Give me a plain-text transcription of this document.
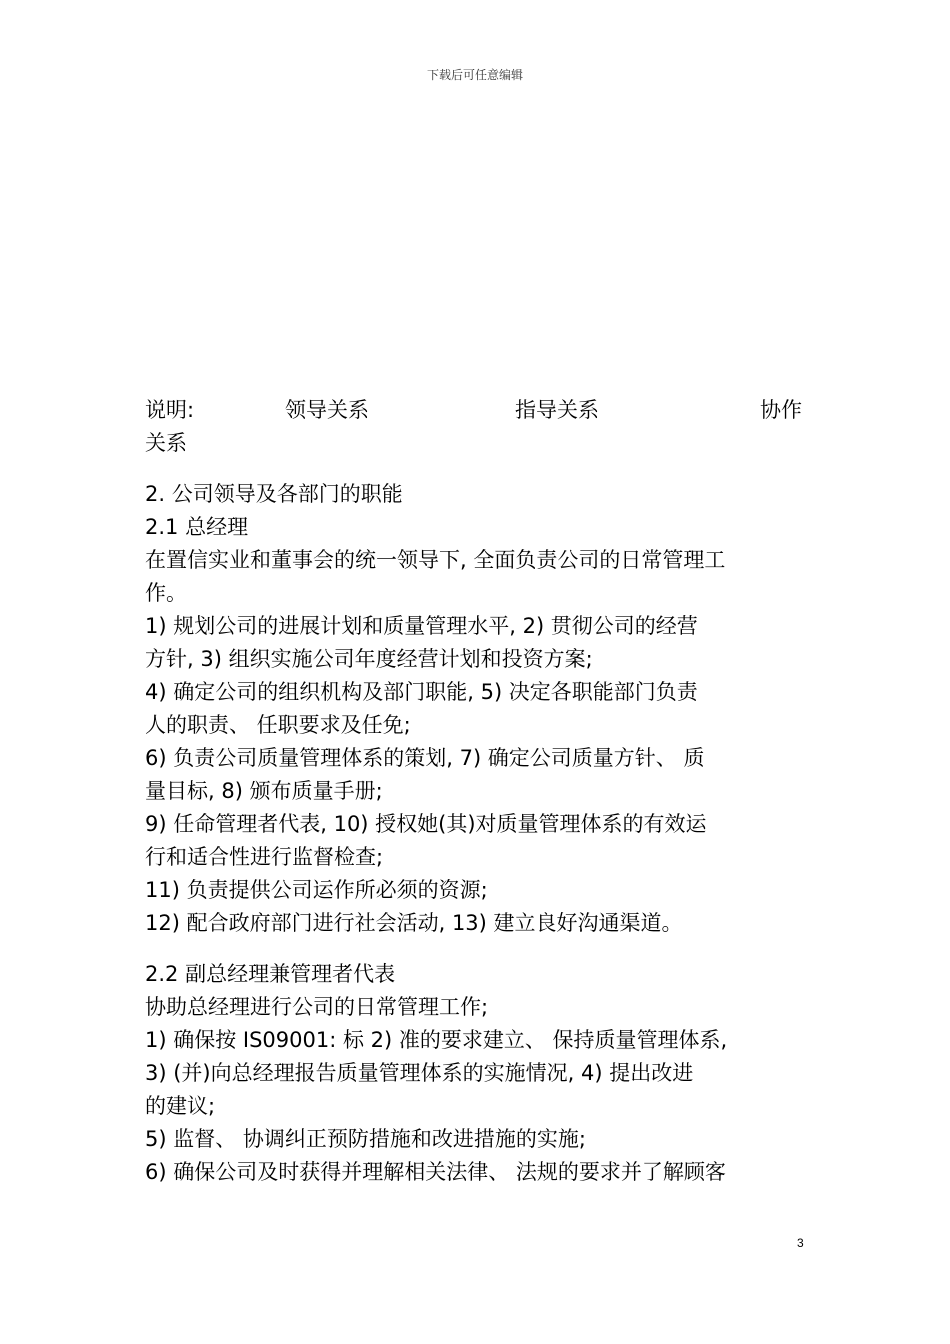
下载后可任意编辑
说明:	领导关系	指导关系	协作
关系
2. 公司领导及各部门的职能
2.1 总经理
在置信实业和董事会的统一领导下, 全面负责公司的日常管理工
作。
1) 规划公司的进展计划和质量管理水平, 2) 贯彻公司的经营
方针, 3) 组织实施公司年度经营计划和投资方案;
4) 确定公司的组织机构及部门职能, 5) 决定各职能部门负责
人的职责、 任职要求及任免;
6) 负责公司质量管理体系的策划, 7) 确定公司质量方针、 质
量目标, 8) 颁布质量手册;
9) 任命管理者代表, 10) 授权她(其)对质量管理体系的有效运
行和适合性进行监督检查;
11) 负责提供公司运作所必须的资源;
12) 配合政府部门进行社会活动, 13) 建立良好沟通渠道。
2.2 副总经理兼管理者代表
协助总经理进行公司的日常管理工作;
1) 确保按 IS09001: 标 2) 准的要求建立、 保持质量管理体系,
3) (并)向总经理报告质量管理体系的实施情况, 4) 提出改进
的建议;
5) 监督、 协调纠正预防措施和改进措施的实施;
6) 确保公司及时获得并理解相关法律、 法规的要求并了解顾客
3
